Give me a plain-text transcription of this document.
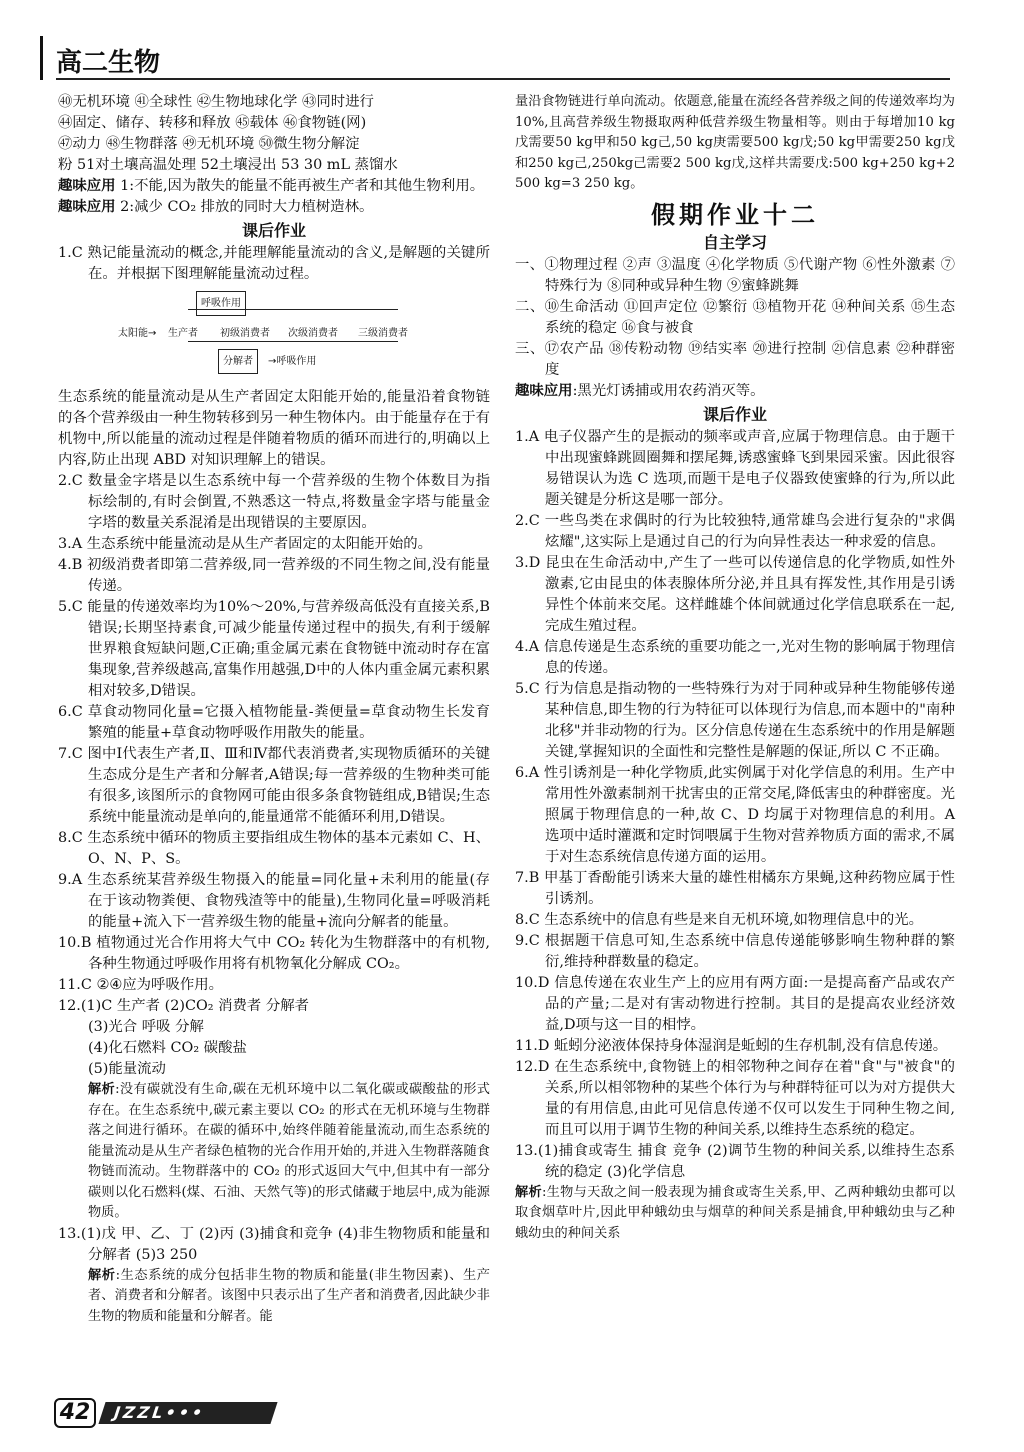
高二生物

㊵无机环境 ㊶全球性 ㊷生物地球化学 ㊸同时进行

㊹固定、储存、转移和释放 ㊺载体 ㊻食物链(网)

㊼动力 ㊽生物群落 ㊾无机环境 ㊿微生物分解淀

粉 51对土壤高温处理 52土壤浸出 53 30 mL 蒸馏水

趣味应用 1:不能,因为散失的能量不能再被生产者和其他生物利用。

趣味应用 2:减少 CO₂ 排放的同时大力植树造林。

课后作业

1.C 熟记能量流动的概念,并能理解能量流动的含义,是解题的关键所在。并根据下图理解能量流动过程。

呼吸作用
太阳能→ 生产者 初级消费者 次级消费者 三级消费者
分解者	→呼吸作用

生态系统的能量流动是从生产者固定太阳能开始的,能量沿着食物链的各个营养级由一种生物转移到另一种生物体内。由于能量存在于有机物中,所以能量的流动过程是伴随着物质的循环而进行的,明确以上内容,防止出现 ABD 对知识理解上的错误。

2.C 数量金字塔是以生态系统中每一个营养级的生物个体数目为指标绘制的,有时会倒置,不熟悉这一特点,将数量金字塔与能量金字塔的数量关系混淆是出现错误的主要原因。

3.A 生态系统中能量流动是从生产者固定的太阳能开始的。

4.B 初级消费者即第二营养级,同一营养级的不同生物之间,没有能量传递。

5.C 能量的传递效率均为10%～20%,与营养级高低没有直接关系,B错误;长期坚持素食,可减少能量传递过程中的损失,有利于缓解世界粮食短缺问题,C正确;重金属元素在食物链中流动时存在富集现象,营养级越高,富集作用越强,D中的人体内重金属元素积累相对较多,D错误。

6.C 草食动物同化量=它摄入植物能量-粪便量=草食动物生长发育繁殖的能量+草食动物呼吸作用散失的能量。

7.C 图中Ⅰ代表生产者,Ⅱ、Ⅲ和Ⅳ都代表消费者,实现物质循环的关键生态成分是生产者和分解者,A错误;每一营养级的生物种类可能有很多,该图所示的食物网可能由很多条食物链组成,B错误;生态系统中能量流动是单向的,能量通常不能循环利用,D错误。

8.C 生态系统中循环的物质主要指组成生物体的基本元素如 C、H、O、N、P、S。

9.A 生态系统某营养级生物摄入的能量=同化量+未利用的能量(存在于该动物粪便、食物残渣等中的能量),生物同化量=呼吸消耗的能量+流入下一营养级生物的能量+流向分解者的能量。

10.B 植物通过光合作用将大气中 CO₂ 转化为生物群落中的有机物,各种生物通过呼吸作用将有机物氧化分解成 CO₂。

11.C ②④应为呼吸作用。

12.(1)C 生产者 (2)CO₂ 消费者 分解者

(3)光合 呼吸 分解

(4)化石燃料 CO₂ 碳酸盐

(5)能量流动

解析:没有碳就没有生命,碳在无机环境中以二氧化碳或碳酸盐的形式存在。在生态系统中,碳元素主要以 CO₂ 的形式在无机环境与生物群落之间进行循环。在碳的循环中,始终伴随着能量流动,而生态系统的能量流动是从生产者绿色植物的光合作用开始的,并进入生物群落随食物链而流动。生物群落中的 CO₂ 的形式返回大气中,但其中有一部分碳则以化石燃料(煤、石油、天然气等)的形式储藏于地层中,成为能源物质。

13.(1)戊 甲、乙、丁 (2)丙 (3)捕食和竞争 (4)非生物物质和能量和分解者 (5)3 250

解析:生态系统的成分包括非生物的物质和能量(非生物因素)、生产者、消费者和分解者。该图中只表示出了生产者和消费者,因此缺少非生物的物质和能量和分解者。能

量沿食物链进行单向流动。依题意,能量在流经各营养级之间的传递效率均为10%,且高营养级生物摄取两种低营养级生物量相等。则由于每增加10 kg戊需要50 kg甲和50 kg己,50 kg庚需要500 kg戊;50 kg甲需要250 kg戊和250 kg己,250kg己需要2 500 kg戊,这样共需要戊:500 kg+250 kg+2 500 kg=3 250 kg。

假期作业十二
自主学习

一、①物理过程 ②声 ③温度 ④化学物质 ⑤代谢产物 ⑥性外激素 ⑦特殊行为 ⑧同种或异种生物 ⑨蜜蜂跳舞

二、⑩生命活动 ⑪回声定位 ⑫繁衍 ⑬植物开花 ⑭种间关系 ⑮生态系统的稳定 ⑯食与被食

三、⑰农产品 ⑱传粉动物 ⑲结实率 ⑳进行控制 ㉑信息素 ㉒种群密度

趣味应用:黑光灯诱捕或用农药消灭等。

课后作业

1.A 电子仪器产生的是振动的频率或声音,应属于物理信息。由于题干中出现蜜蜂跳圆圈舞和摆尾舞,诱惑蜜蜂飞到果园采蜜。因此很容易错误认为选 C 选项,而题干是电子仪器致使蜜蜂的行为,所以此题关键是分析这是哪一部分。

2.C 一些鸟类在求偶时的行为比较独特,通常雄鸟会进行复杂的"求偶炫耀",这实际上是通过自己的行为向异性表达一种求爱的信息。

3.D 昆虫在生命活动中,产生了一些可以传递信息的化学物质,如性外激素,它由昆虫的体表腺体所分泌,并且具有挥发性,其作用是引诱异性个体前来交尾。这样雌雄个体间就通过化学信息联系在一起,完成生殖过程。

4.A 信息传递是生态系统的重要功能之一,光对生物的影响属于物理信息的传递。

5.C 行为信息是指动物的一些特殊行为对于同种或异种生物能够传递某种信息,即生物的行为特征可以体现行为信息,而本题中的"南种北移"并非动物的行为。区分信息传递在生态系统中的作用是解题关键,掌握知识的全面性和完整性是解题的保证,所以 C 不正确。

6.A 性引诱剂是一种化学物质,此实例属于对化学信息的利用。生产中常用性外激素制剂干扰害虫的正常交尾,降低害虫的种群密度。光照属于物理信息的一种,故 C、D 均属于对物理信息的利用。A 选项中适时灌溉和定时饲喂属于生物对营养物质方面的需求,不属于对生态系统信息传递方面的运用。

7.B 甲基丁香酚能引诱来大量的雄性柑橘东方果蝇,这种药物应属于性引诱剂。

8.C 生态系统中的信息有些是来自无机环境,如物理信息中的光。

9.C 根据题干信息可知,生态系统中信息传递能够影响生物种群的繁衍,维持种群数量的稳定。

10.D 信息传递在农业生产上的应用有两方面:一是提高畜产品或农产品的产量;二是对有害动物进行控制。其目的是提高农业经济效益,D项与这一目的相悖。

11.D 蚯蚓分泌液体保持身体湿润是蚯蚓的生存机制,没有信息传递。

12.D 在生态系统中,食物链上的相邻物种之间存在着"食"与"被食"的关系,所以相邻物种的某些个体行为与种群特征可以为对方提供大量的有用信息,由此可见信息传递不仅可以发生于同种生物之间,而且可以用于调节生物的种间关系,以维持生态系统的稳定。

13.(1)捕食或寄生 捕食 竞争 (2)调节生物的种间关系,以维持生态系统的稳定 (3)化学信息

解析:生物与天敌之间一般表现为捕食或寄生关系,甲、乙两种蛾幼虫都可以取食烟草叶片,因此甲种蛾幼虫与烟草的种间关系是捕食,甲种蛾幼虫与乙种蛾幼虫的种间关系

42	JZZL•••
